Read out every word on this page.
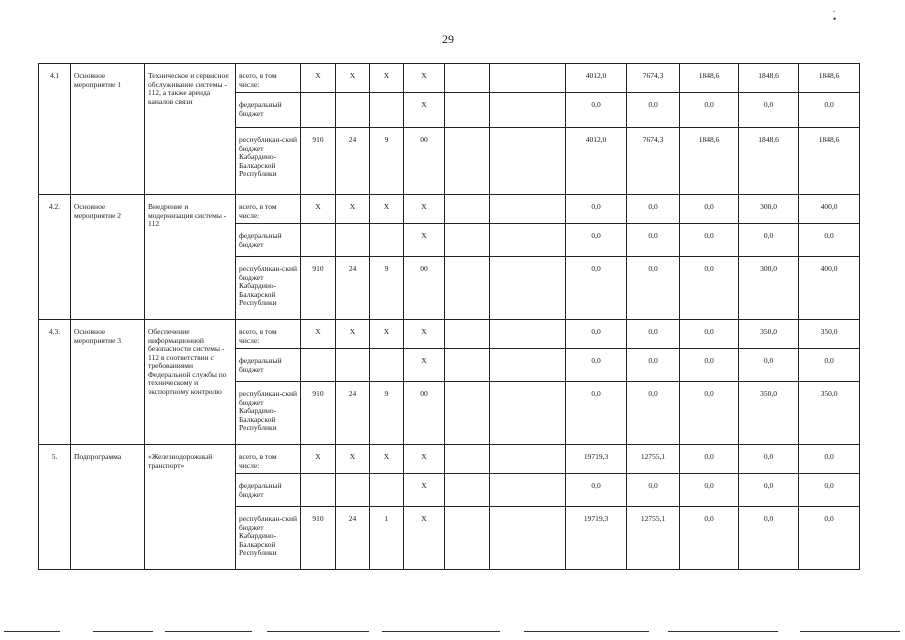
29
. •
4.1	Основное мероприятие 1	Техническое и сервисное обслуживание системы - 112, а также аренда каналов связи	всего, в том числе:	X	X	X	X			4012,0	7674,3	1848,6	1848,6	1848,6
			федеральный бюджет				X			0,0	0,0	0,0	0,0	0,0
			республикан-ский бюджет Кабардино-Балкарской Республики	910	24	9	00			4012,0	7674,3	1848,6	1848,6	1848,6
4.2.	Основное мероприятие 2	Внедрение и модернизация системы - 112	всего, в том числе:	X	X	X	X			0,0	0,0	0,0	300,0	400,0
			федеральный бюджет				X			0,0	0,0	0,0	0,0	0,0
			республикан-ский бюджет Кабардино-Балкарской Республики	910	24	9	00			0,0	0,0	0,0	300,0	400,0
4.3.	Основное мероприятие 3	Обеспечение информационной безопасности системы - 112 в соответствии с требованиями Федеральной службы по техническому и экспортному контролю	всего, в том числе:	X	X	X	X			0,0	0,0	0,0	350,0	350,0
			федеральный бюджет				X			0,0	0,0	0,0	0,0	0,0
			республикан-ский бюджет Кабардино-Балкарской Республики	910	24	9	00			0,0	0,0	0,0	350,0	350,0
5.	Подпрограмма	«Железнодорожный транспорт»	всего, в том числе:	X	X	X	X			19719,3	12755,1	0,0	0,0	0,0
			федеральный бюджет				X			0,0	0,0	0,0	0,0	0,0
			республикан-ский бюджет Кабардино-Балкарской Республики	910	24	1	X			19719,3	12755,1	0,0	0,0	0,0
